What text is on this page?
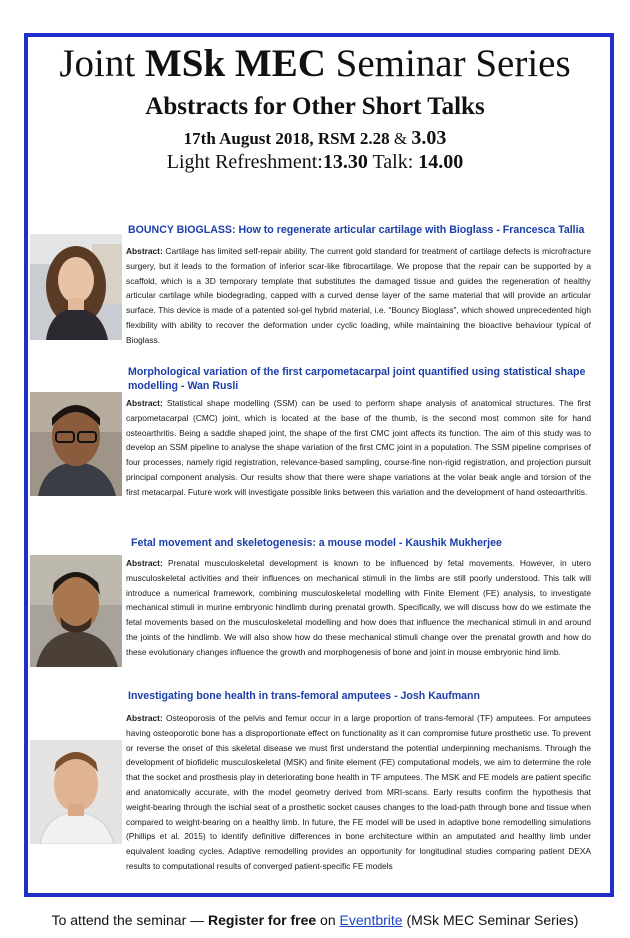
Joint MSk MEC Seminar Series
Abstracts for Other Short Talks
17th August 2018, RSM 2.28 & 3.03
Light Refreshment:13.30 Talk: 14.00
BOUNCY BIOGLASS: How to regenerate articular cartilage with Bioglass - Francesca Tallia
Abstract: Cartilage has limited self-repair ability. The current gold standard for treatment of cartilage defects is microfracture surgery, but it leads to the formation of inferior scar-like fibrocartilage. We propose that the repair can be supported by a scaffold, which is a 3D temporary template that substitutes the damaged tissue and guides the regeneration of healthy articular cartilage while biodegrading, capped with a curved dense layer of the same material that will provide an articular surface. This device is made of a patented sol-gel hybrid material, i.e. "Bouncy Bioglass", which showed unprecedented high flexibility with ability to recover the deformation under cyclic loading, while maintaining the bioactive behaviour typical of Bioglass.
Morphological variation of the first carpometacarpal joint quantified using statistical shape modelling - Wan Rusli
Abstract: Statistical shape modelling (SSM) can be used to perform shape analysis of anatomical structures. The first carpometacarpal (CMC) joint, which is located at the base of the thumb, is the second most common site for hand osteoarthritis. Being a saddle shaped joint, the shape of the first CMC joint affects its function. The aim of this study was to develop an SSM pipeline to analyse the shape variation of the first CMC joint in a population. The SSM pipeline comprises of four processes, namely rigid registration, relevance-based sampling, course-fine non-rigid registration, and projection pursuit principal component analysis. Our results show that there were shape variations at the volar beak angle and torsion of the first metacarpal. Future work will investigate possible links between this variation and the development of hand osteoarthritis.
Fetal movement and skeletogenesis: a mouse model - Kaushik Mukherjee
Abstract: Prenatal musculoskeletal development is known to be influenced by fetal movements. However, in utero musculoskeletal activities and their influences on mechanical stimuli in the limbs are still poorly understood. This talk will introduce a numerical framework, combining musculoskeletal modelling with Finite Element (FE) analysis, to investigate mechanical stimuli in murine embryonic hindlimb during prenatal growth. Specifically, we will discuss how do we estimate the fetal movements based on the musculoskeletal modelling and how does that influence the mechanical stimuli in and around the joints of the hindlimb. We will also show how do these mechanical stimuli change over the prenatal growth and how do these evolutionary changes influence the growth and morphogenesis of bone and joint in mouse embryonic hind limb.
Investigating bone health in trans-femoral amputees - Josh Kaufmann
Abstract: Osteoporosis of the pelvis and femur occur in a large proportion of trans-femoral (TF) amputees. For amputees having osteoporotic bone has a disproportionate effect on functionality as it can compromise future prosthetic use. To prevent or reverse the onset of this skeletal disease we must first understand the potential underpinning mechanisms. Through the development of biofidelic musculoskeletal (MSK) and finite element (FE) computational models, we aim to determine the role that the socket and prosthesis play in deteriorating bone health in TF amputees. The MSK and FE models are patient specific and anatomically accurate, with the model geometry derived from MRI-scans. Early results confirm the hypothesis that weight-bearing through the ischial seat of a prosthetic socket causes changes to the load-path through bone and tissue when compared to weight-bearing on a healthy limb. In future, the FE model will be used in adaptive bone remodelling simulations (Phillips et al. 2015) to identify definitive differences in bone architecture within an amputated and healthy limb under equivalent loading cycles. Adaptive remodelling provides an opportunity for longitudinal studies comparing patient DEXA results to computational results of converged patient-specific FE models
To attend the seminar — Register for free on Eventbrite (MSk MEC Seminar Series)
